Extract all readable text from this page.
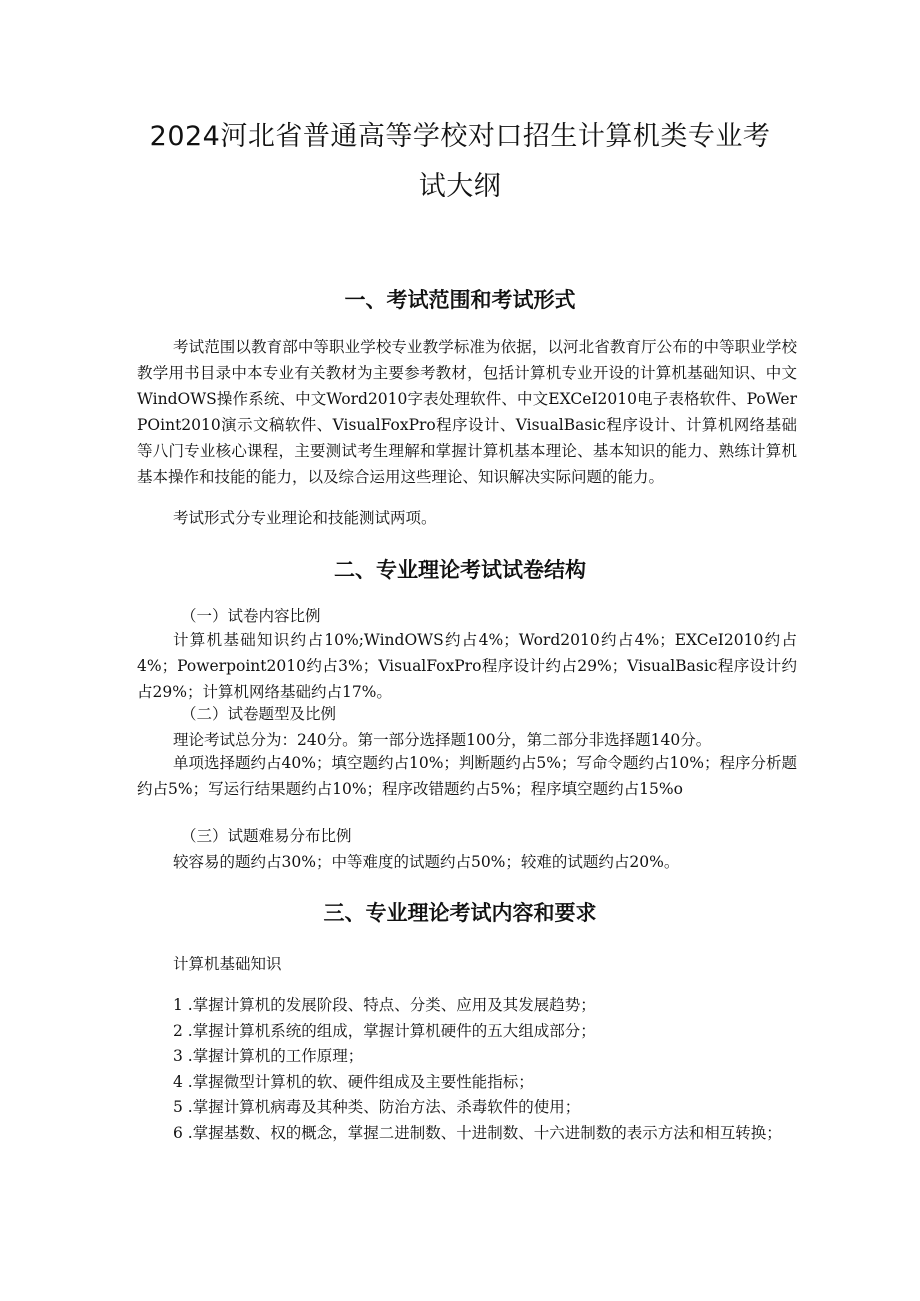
2024河北省普通高等学校对口招生计算机类专业考
试大纲
一、考试范围和考试形式
考试范围以教育部中等职业学校专业教学标准为依据，以河北省教育厅公布的中等职业学校教学用书目录中本专业有关教材为主要参考教材，包括计算机专业开设的计算机基础知识、中文WindOWS操作系统、中文Word2010字表处理软件、中文EXCeI2010电子表格软件、PoWerPOint2010演示文稿软件、VisualFoxPro程序设计、VisualBasic程序设计、计算机网络基础等八门专业核心课程，主要测试考生理解和掌握计算机基本理论、基本知识的能力、熟练计算机基本操作和技能的能力，以及综合运用这些理论、知识解决实际问题的能力。
考试形式分专业理论和技能测试两项。
二、专业理论考试试卷结构
（一）试卷内容比例
计算机基础知识约占10%;WindOWS约占4%；Word2010约占4%；EXCeI2010约占4%；Powerpoint2010约占3%；VisualFoxPro程序设计约占29%；VisualBasic程序设计约占29%；计算机网络基础约占17%。
（二）试卷题型及比例
理论考试总分为：240分。第一部分选择题100分，第二部分非选择题140分。
单项选择题约占40%；填空题约占10%；判断题约占5%；写命令题约占10%；程序分析题约占5%；写运行结果题约占10%；程序改错题约占5%；程序填空题约占15%o
（三）试题难易分布比例
较容易的题约占30%；中等难度的试题约占50%；较难的试题约占20%。
三、专业理论考试内容和要求
计算机基础知识
1 .掌握计算机的发展阶段、特点、分类、应用及其发展趋势；
2 .掌握计算机系统的组成，掌握计算机硬件的五大组成部分；
3 .掌握计算机的工作原理；
4 .掌握微型计算机的软、硬件组成及主要性能指标；
5 .掌握计算机病毒及其种类、防治方法、杀毒软件的使用；
6 .掌握基数、权的概念，掌握二进制数、十进制数、十六进制数的表示方法和相互转换；
